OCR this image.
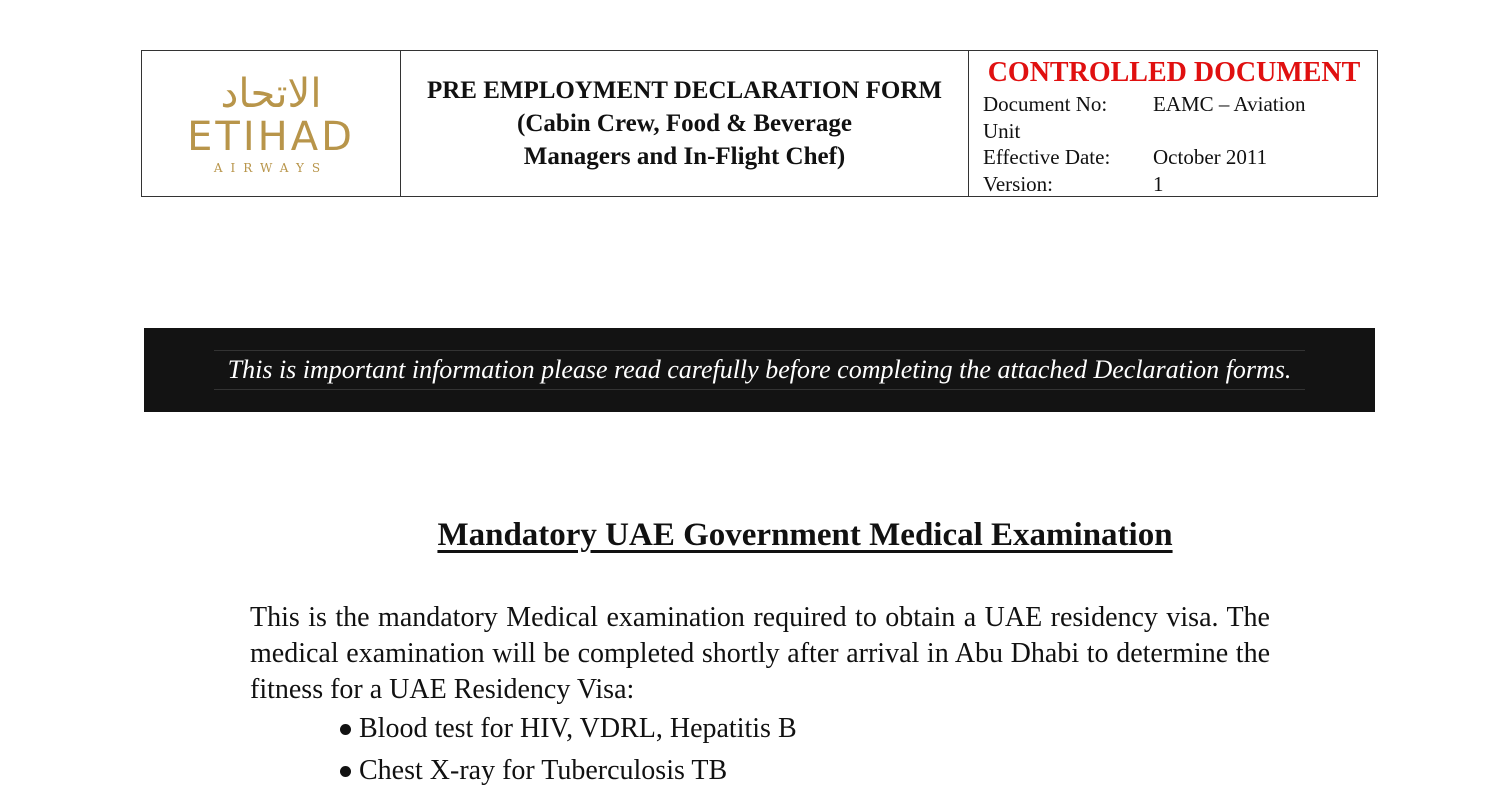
الاتحاد
ETIHAD
AIRWAYS
PRE EMPLOYMENT DECLARATION FORM
(Cabin Crew, Food & Beverage
Managers and In-Flight Chef)
CONTROLLED DOCUMENT
Document No:	EAMC – Aviation
Unit
Effective Date:	October 2011
Version:	1
This is important information please read carefully before completing the attached Declaration forms.
Mandatory UAE Government Medical Examination

This is the mandatory Medical examination required to obtain a UAE residency visa. The medical examination will be completed shortly after arrival in Abu Dhabi to determine the fitness for a UAE Residency Visa:

Blood test for HIV, VDRL, Hepatitis B
Chest X-ray for Tuberculosis TB
